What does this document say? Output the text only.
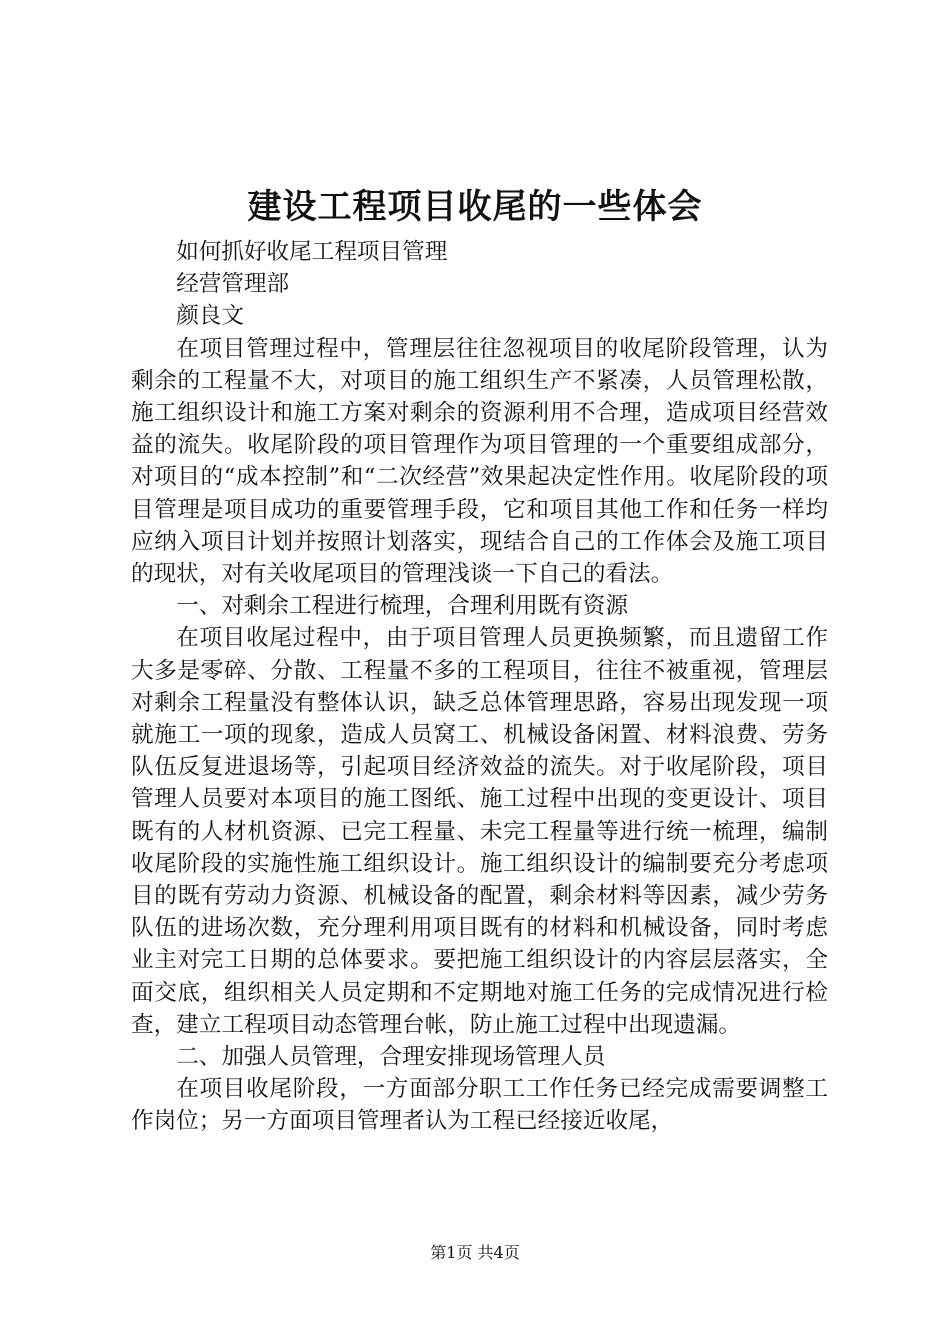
建设工程项目收尾的一些体会

如何抓好收尾工程项目管理

经营管理部

颜良文

在项目管理过程中，管理层往往忽视项目的收尾阶段管理，认为剩余的工程量不大，对项目的施工组织生产不紧凑，人员管理松散，施工组织设计和施工方案对剩余的资源利用不合理，造成项目经营效益的流失。收尾阶段的项目管理作为项目管理的一个重要组成部分，对项目的“成本控制”和“二次经营”效果起决定性作用。收尾阶段的项目管理是项目成功的重要管理手段，它和项目其他工作和任务一样均应纳入项目计划并按照计划落实，现结合自己的工作体会及施工项目的现状，对有关收尾项目的管理浅谈一下自己的看法。

一、对剩余工程进行梳理，合理利用既有资源

在项目收尾过程中，由于项目管理人员更换频繁，而且遗留工作大多是零碎、分散、工程量不多的工程项目，往往不被重视，管理层对剩余工程量没有整体认识，缺乏总体管理思路，容易出现发现一项就施工一项的现象，造成人员窝工、机械设备闲置、材料浪费、劳务队伍反复进退场等，引起项目经济效益的流失。对于收尾阶段，项目管理人员要对本项目的施工图纸、施工过程中出现的变更设计、项目既有的人材机资源、已完工程量、未完工程量等进行统一梳理，编制收尾阶段的实施性施工组织设计。施工组织设计的编制要充分考虑项目的既有劳动力资源、机械设备的配置，剩余材料等因素，减少劳务队伍的进场次数，充分理利用项目既有的材料和机械设备，同时考虑业主对完工日期的总体要求。要把施工组织设计的内容层层落实，全面交底，组织相关人员定期和不定期地对施工任务的完成情况进行检查，建立工程项目动态管理台帐，防止施工过程中出现遗漏。

二、加强人员管理，合理安排现场管理人员

在项目收尾阶段，一方面部分职工工作任务已经完成需要调整工作岗位；另一方面项目管理者认为工程已经接近收尾，

第1页 共4页
